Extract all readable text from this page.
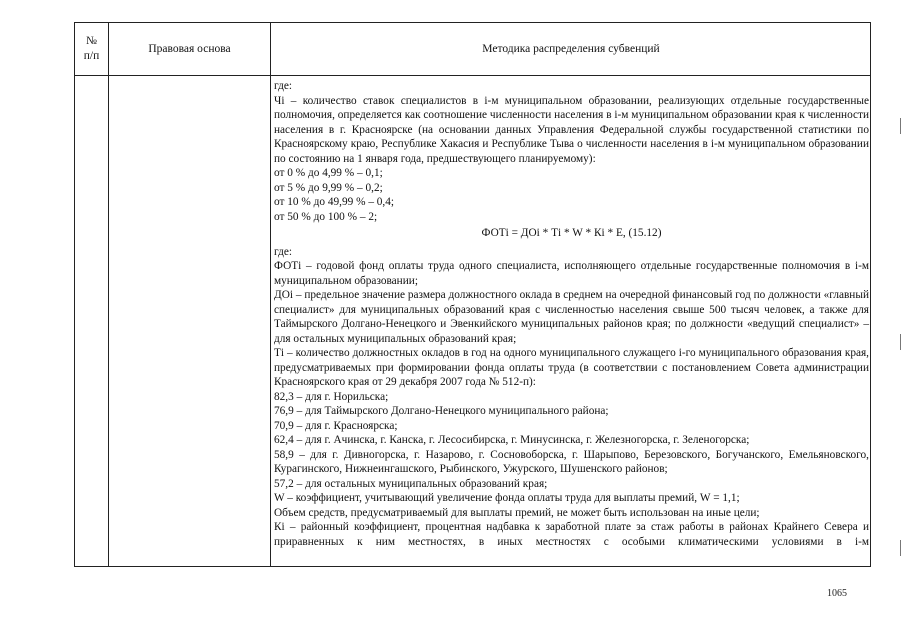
№
п/п
Правовая основа	Методика распределения субвенций

где:

Чi – количество ставок специалистов в i-м муниципальном образовании, реализующих отдельные государственные полномочия, определяется как соотношение численности населения в i-м муниципальном образовании края к численности населения в г. Красноярске (на основании данных Управления Федеральной службы государственной статистики по Красноярскому краю, Республике Хакасия и Республике Тыва о численности населения в i-м муниципальном образовании по состоянию на 1 января года, предшествующего планируемому):

от 0 % до 4,99 % – 0,1;

от 5 % до 9,99 % – 0,2;

от 10 % до 49,99 % – 0,4;

от 50 % до 100 % – 2;

ФОТi = ДОi * Тi * W * Кi * Е, (15.12)

где:

ФОТi – годовой фонд оплаты труда одного специалиста, исполняющего отдельные государственные полномочия в i-м муниципальном образовании;

ДОi – предельное значение размера должностного оклада в среднем на очередной финансовый год по должности «главный специалист» для муниципальных образований края с численностью населения свыше 500 тысяч человек, а также для Таймырского Долгано-Ненецкого и Эвенкийского муниципальных районов края; по должности «ведущий специалист» – для остальных муниципальных образований края;

Тi – количество должностных окладов в год на одного муниципального служащего i-го муниципального образования края, предусматриваемых при формировании фонда оплаты труда (в соответствии с постановлением Совета администрации Красноярского края от 29 декабря 2007 года № 512-п):

82,3 – для г. Норильска;

76,9 – для Таймырского Долгано-Ненецкого муниципального района;

70,9 – для г. Красноярска;

62,4 – для г. Ачинска, г. Канска, г. Лесосибирска, г. Минусинска, г. Железногорска, г. Зеленогорска;

58,9 – для г. Дивногорска, г. Назарово, г. Сосновоборска, г. Шарыпово, Березовского, Богучанского, Емельяновского, Курагинского, Нижнеингашского, Рыбинского, Ужурского, Шушенского районов;

57,2 – для остальных муниципальных образований края;

W – коэффициент, учитывающий увеличение фонда оплаты труда для выплаты премий, W = 1,1;

Объем средств, предусматриваемый для выплаты премий, не может быть использован на иные цели;

Кi – районный коэффициент, процентная надбавка к заработной плате за стаж работы в районах Крайнего Севера и приравненных к ним местностях, в иных местностях с особыми климатическими условиями в i-м

1065
